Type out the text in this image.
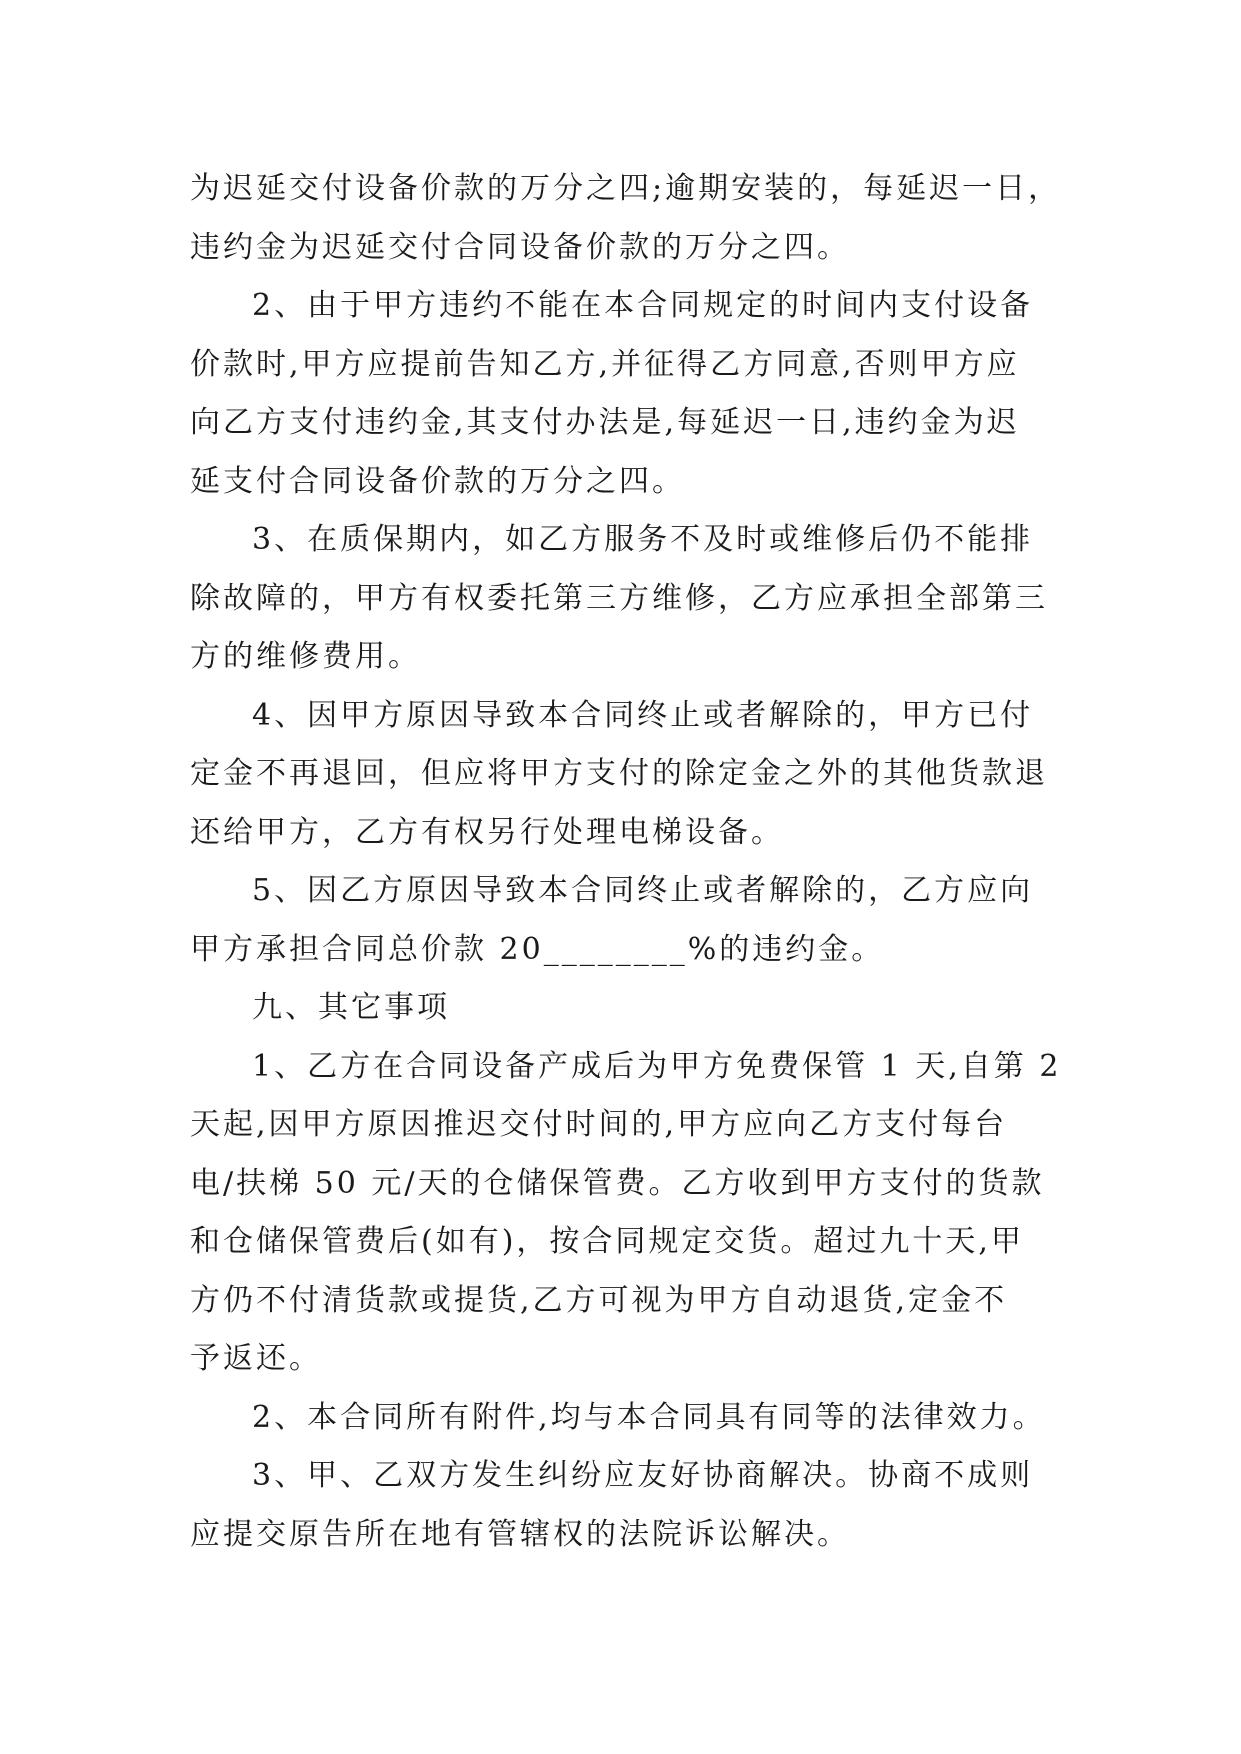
为迟延交付设备价款的万分之四;逾期安装的，每延迟一日，
违约金为迟延交付合同设备价款的万分之四。

2、由于甲方违约不能在本合同规定的时间内支付设备
价款时,甲方应提前告知乙方,并征得乙方同意,否则甲方应
向乙方支付违约金,其支付办法是,每延迟一日,违约金为迟
延支付合同设备价款的万分之四。

3、在质保期内，如乙方服务不及时或维修后仍不能排
除故障的，甲方有权委托第三方维修，乙方应承担全部第三
方的维修费用。

4、因甲方原因导致本合同终止或者解除的，甲方已付
定金不再退回，但应将甲方支付的除定金之外的其他货款退
还给甲方，乙方有权另行处理电梯设备。

5、因乙方原因导致本合同终止或者解除的，乙方应向
甲方承担合同总价款 20________%的违约金。

九、其它事项

1、乙方在合同设备产成后为甲方免费保管 1 天,自第 2
天起,因甲方原因推迟交付时间的,甲方应向乙方支付每台
电/扶梯 50 元/天的仓储保管费。乙方收到甲方支付的货款
和仓储保管费后(如有)，按合同规定交货。超过九十天,甲
方仍不付清货款或提货,乙方可视为甲方自动退货,定金不
予返还。

2、本合同所有附件,均与本合同具有同等的法律效力。

3、甲、乙双方发生纠纷应友好协商解决。协商不成则
应提交原告所在地有管辖权的法院诉讼解决。
